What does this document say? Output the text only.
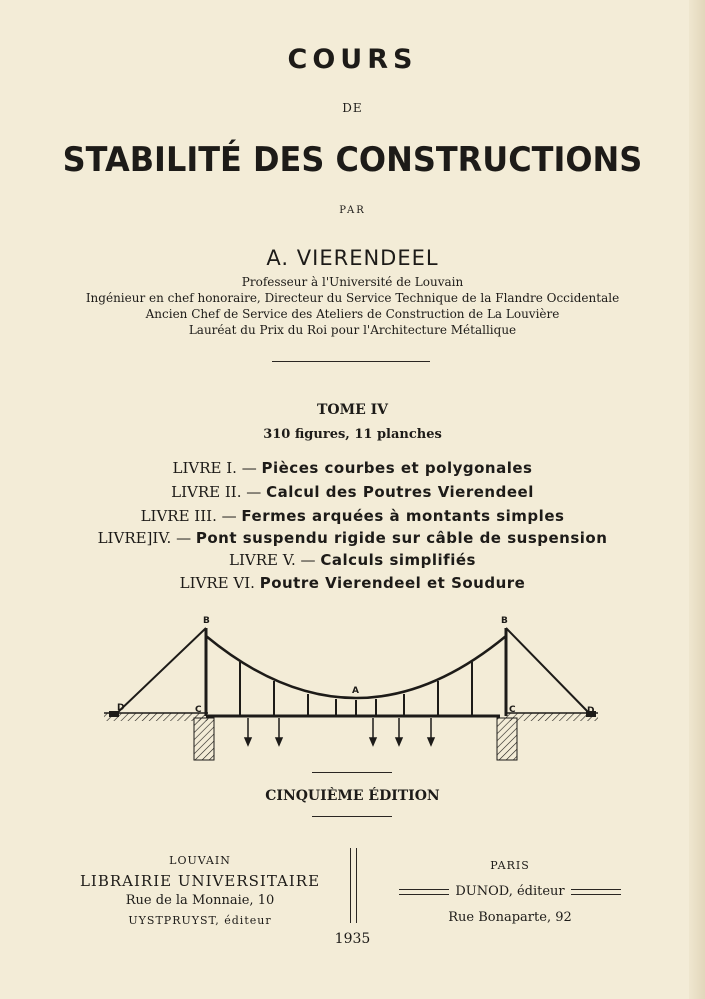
COURS
DE
STABILITÉ DES CONSTRUCTIONS
PAR
A. VIERENDEEL
Professeur à l'Université de Louvain
Ingénieur en chef honoraire, Directeur du Service Technique de la Flandre Occidentale
Ancien Chef de Service des Ateliers de Construction de La Louvière
Lauréat du Prix du Roi pour l'Architecture Métallique
TOME IV
310 figures, 11 planches
LIVRE I. — Pièces courbes et polygonales
LIVRE II. — Calcul des Poutres Vierendeel
LIVRE III. — Fermes arquées à montants simples
LIVRE]IV. — Pont suspendu rigide sur câble de suspension
LIVRE V. — Calculs simplifiés
LIVRE VI. Poutre Vierendeel et Soudure
B	B
C	C
D	D
A
CINQUIÈME ÉDITION
LOUVAIN
LIBRAIRIE UNIVERSITAIRE
Rue de la Monnaie, 10
UYSTPRUYST, éditeur
PARIS
DUNOD, éditeur
Rue Bonaparte, 92
1935
